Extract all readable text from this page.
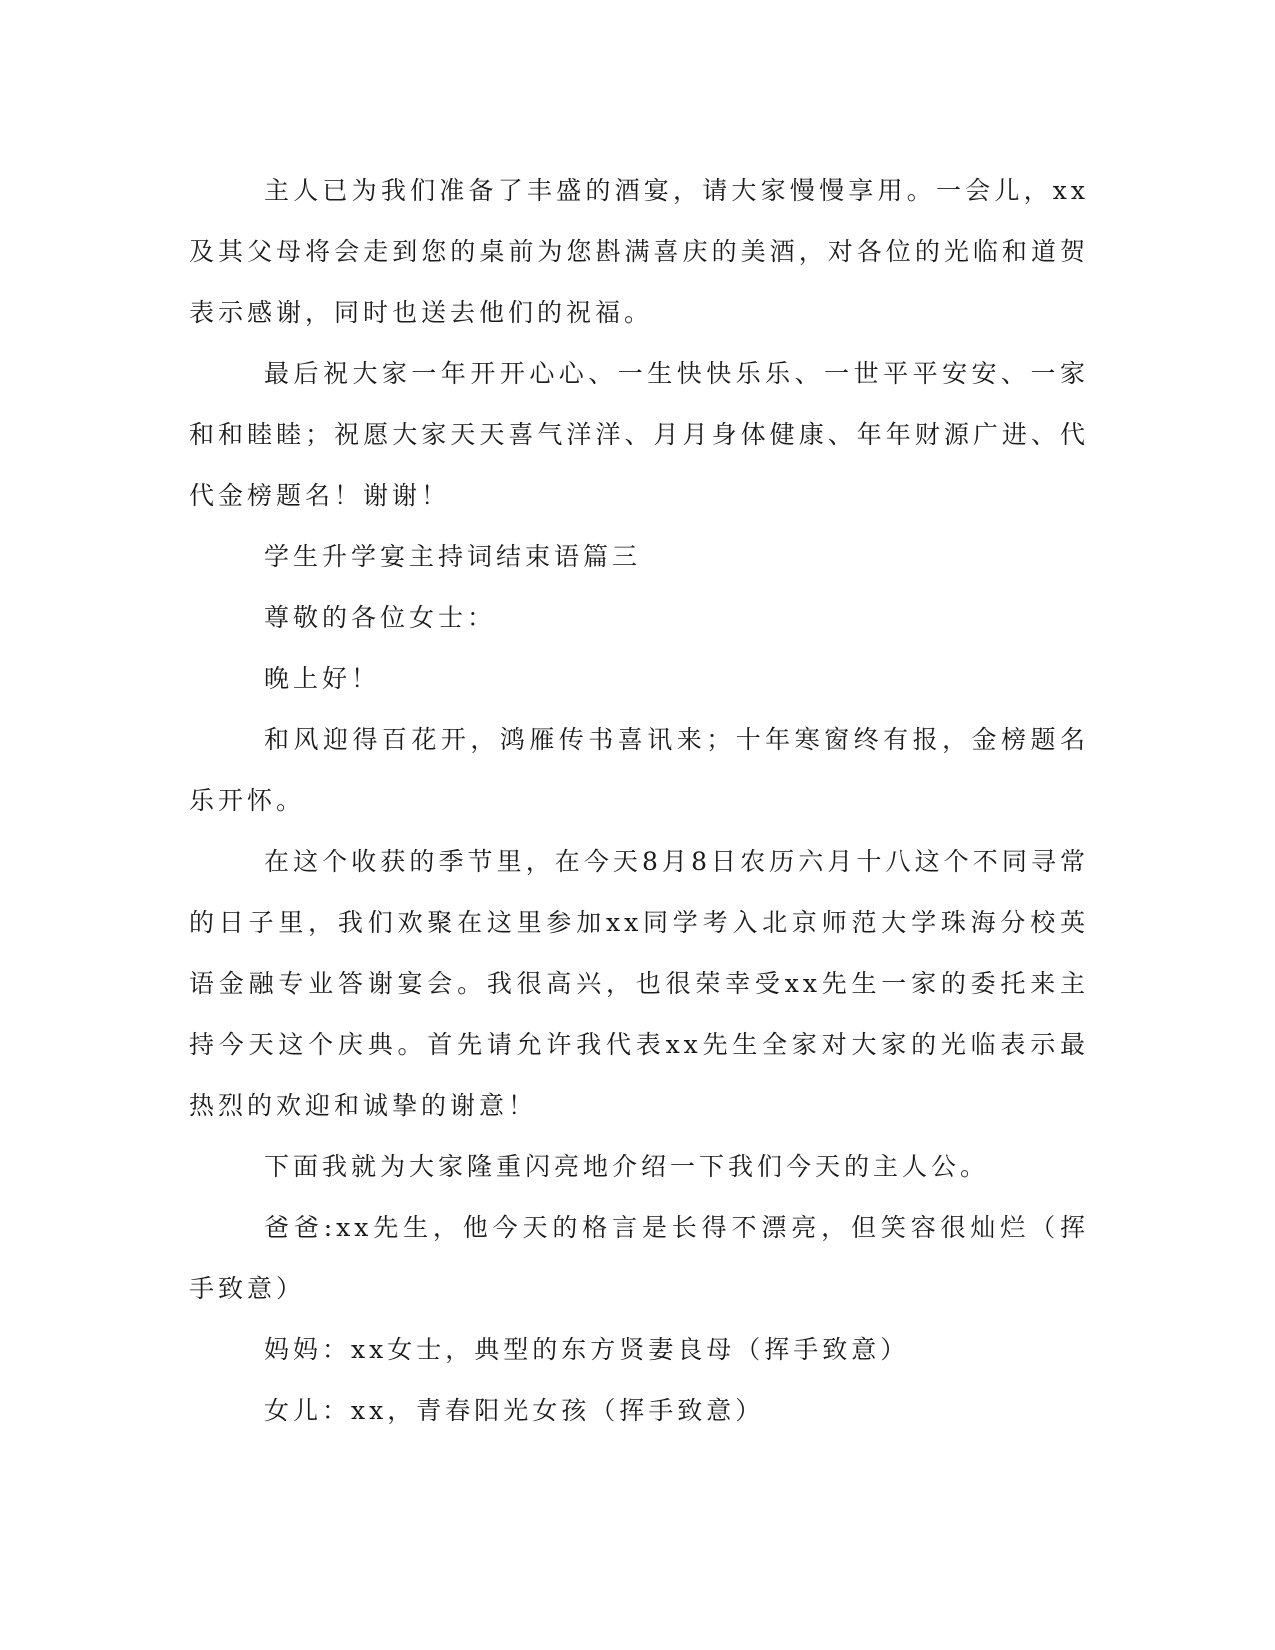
主人已为我们准备了丰盛的酒宴，请大家慢慢享用。一会儿，xx及其父母将会走到您的桌前为您斟满喜庆的美酒，对各位的光临和道贺表示感谢，同时也送去他们的祝福。

最后祝大家一年开开心心、一生快快乐乐、一世平平安安、一家和和睦睦；祝愿大家天天喜气洋洋、月月身体健康、年年财源广进、代代金榜题名！谢谢！

学生升学宴主持词结束语篇三

尊敬的各位女士：

晚上好！

和风迎得百花开，鸿雁传书喜讯来；十年寒窗终有报，金榜题名乐开怀。

在这个收获的季节里，在今天8月8日农历六月十八这个不同寻常的日子里，我们欢聚在这里参加xx同学考入北京师范大学珠海分校英语金融专业答谢宴会。我很高兴，也很荣幸受xx先生一家的委托来主持今天这个庆典。首先请允许我代表xx先生全家对大家的光临表示最热烈的欢迎和诚挚的谢意！

下面我就为大家隆重闪亮地介绍一下我们今天的主人公。

爸爸:xx先生，他今天的格言是长得不漂亮，但笑容很灿烂（挥手致意）

妈妈：xx女士，典型的东方贤妻良母（挥手致意）

女儿：xx，青春阳光女孩（挥手致意）
